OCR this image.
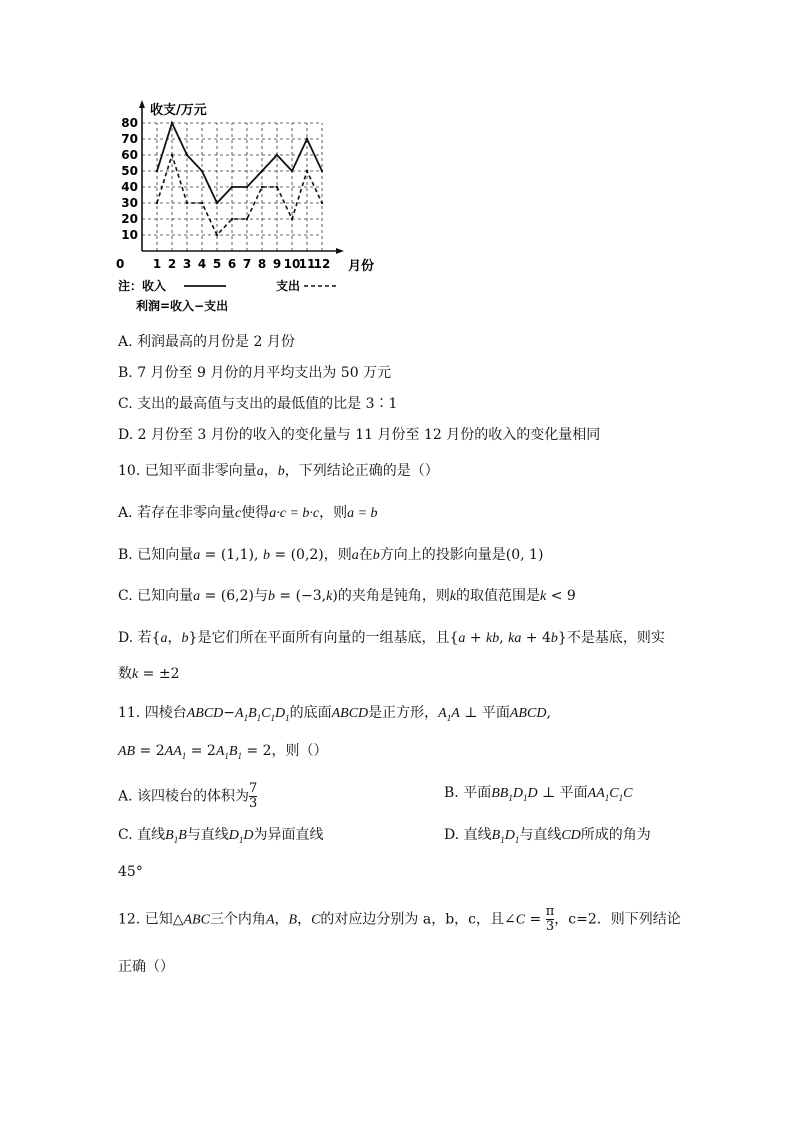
10
20
30
40
50
60
70
80
1 2 3 4 5 6 7 8 9 10
11
12
收支/万元
月份
0
注：收入	支出
利润=收入−支出
A. 利润最高的月份是 2 月份
B. 7 月份至 9 月份的月平均支出为 50 万元
C. 支出的最高值与支出的最低值的比是 3∶1
D. 2 月份至 3 月份的收入的变化量与 11 月份至 12 月份的收入的变化量相同
10. 已知平面非零向量a，b，下列结论正确的是（）
A. 若存在非零向量c使得a·c = b·c，则a = b
B. 已知向量a = (1,1), b = (0,2)，则a在b方向上的投影向量是(0, 1)
C. 已知向量a = (6,2)与b = (−3,k)的夹角是钝角，则k的取值范围是k < 9
D. 若{a，b}是它们所在平面所有向量的一组基底，且{a + kb, ka + 4b}不是基底，则实
数k = ±2
11. 四棱台$ABCD-A_1B_1C_1D_1$的底面ABCD是正方形，$A_1A$ ⊥ 平面ABCD,
AB = $2AA_1 = 2A_1B_1 = 2$，则（）
A. 该四棱台的体积为 $\frac{7}{3}$	B. 平面$BB_1D_1D$ ⊥ 平面$AA_1C_1C$
C. 直线$B_1B$与直线$D_1D$为异面直线	D. 直线$B_1D_1$与直线CD所成的角为
45°
12. 已知△ABC三个内角A，B，C的对应边分别为 a，b，c，且∠C = $\frac{\pi}{3}$ ，c=2．则下列结论
正确（）
